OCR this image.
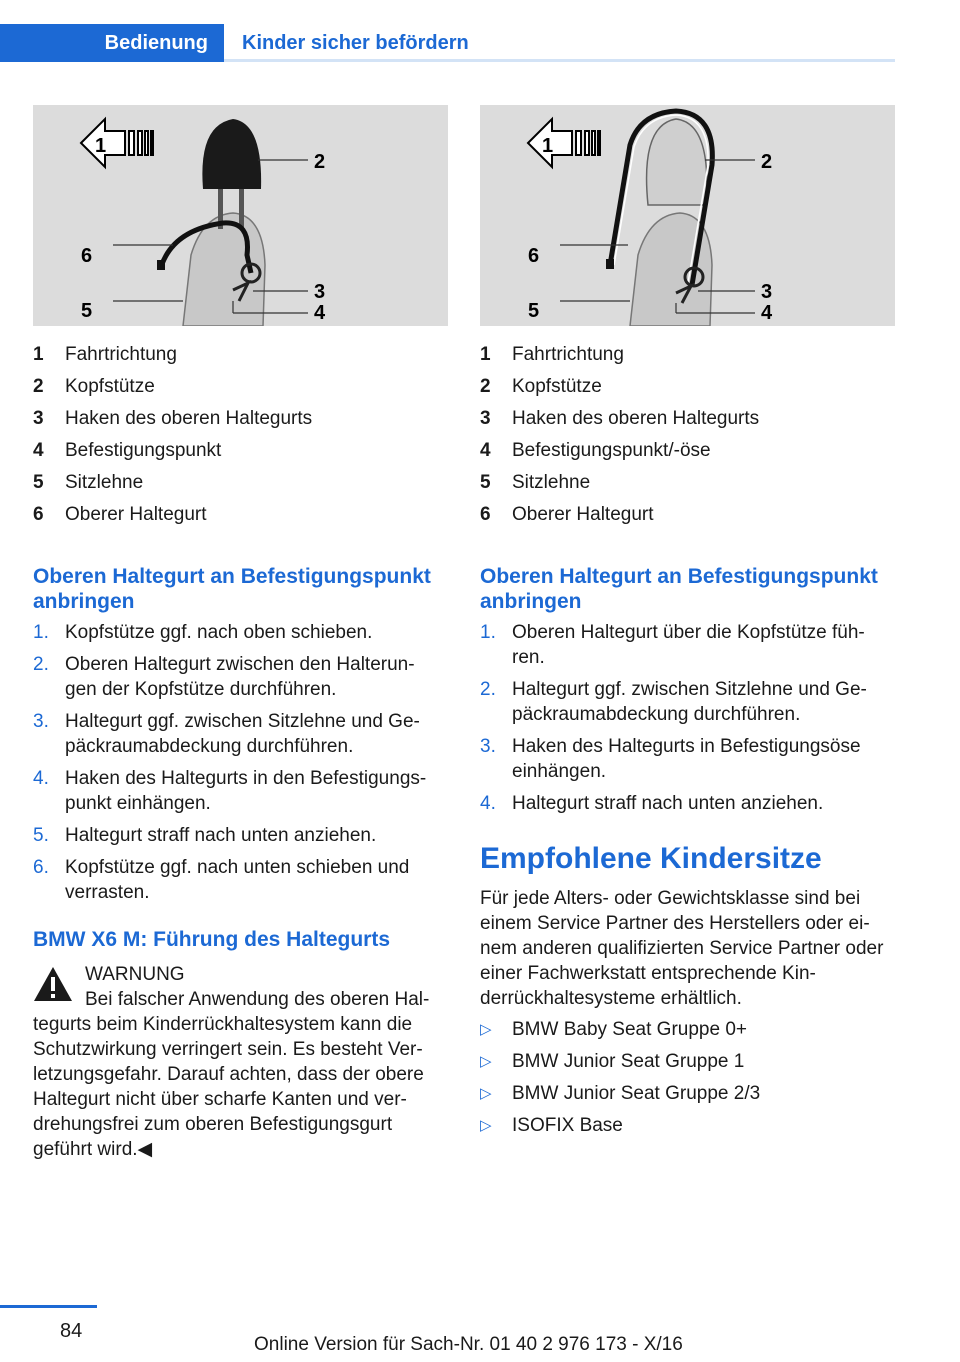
Bedienung	Kinder sicher befördern
1
2
3
4
5
6
1	Fahrtrichtung
2	Kopfstütze
3	Haken des oberen Haltegurts
4	Befestigungspunkt
5	Sitzlehne
6	Oberer Haltegurt
Oberen Haltegurt an Befestigungspunkt anbringen
1. Kopfstütze ggf. nach oben schieben.
2. Oberen Haltegurt zwischen den Halterun‐ gen der Kopfstütze durchführen.
3. Haltegurt ggf. zwischen Sitzlehne und Ge‐ päckraumabdeckung durchführen.
4. Haken des Haltegurts in den Befestigungs‐ punkt einhängen.
5. Haltegurt straff nach unten anziehen.
6. Kopfstütze ggf. nach unten schieben und verrasten.
BMW X6 M: Führung des Haltegurts
WARNUNG
Bei falscher Anwendung des oberen Hal‐ tegurts beim Kinderrückhaltesystem kann die Schutzwirkung verringert sein. Es besteht Ver‐ letzungsgefahr. Darauf achten, dass der obere Haltegurt nicht über scharfe Kanten und ver‐ drehungsfrei zum oberen Befestigungsgurt geführt wird.◀
1
2
3
4
5
6
1	Fahrtrichtung
2	Kopfstütze
3	Haken des oberen Haltegurts
4	Befestigungspunkt/-öse
5	Sitzlehne
6	Oberer Haltegurt
Oberen Haltegurt an Befestigungspunkt anbringen
1. Oberen Haltegurt über die Kopfstütze füh‐ ren.
2. Haltegurt ggf. zwischen Sitzlehne und Ge‐ päckraumabdeckung durchführen.
3. Haken des Haltegurts in Befestigungsöse einhängen.
4. Haltegurt straff nach unten anziehen.
Empfohlene Kindersitze

Für jede Alters- oder Gewichtsklasse sind bei einem Service Partner des Herstellers oder ei‐ nem anderen qualifizierten Service Partner oder einer Fachwerkstatt entsprechende Kin‐ derrückhaltesysteme erhältlich.

▷	BMW Baby Seat Gruppe 0+
▷	BMW Junior Seat Gruppe 1
▷	BMW Junior Seat Gruppe 2/3
▷	ISOFIX Base
84
Online Version für Sach-Nr. 01 40 2 976 173 - X/16
